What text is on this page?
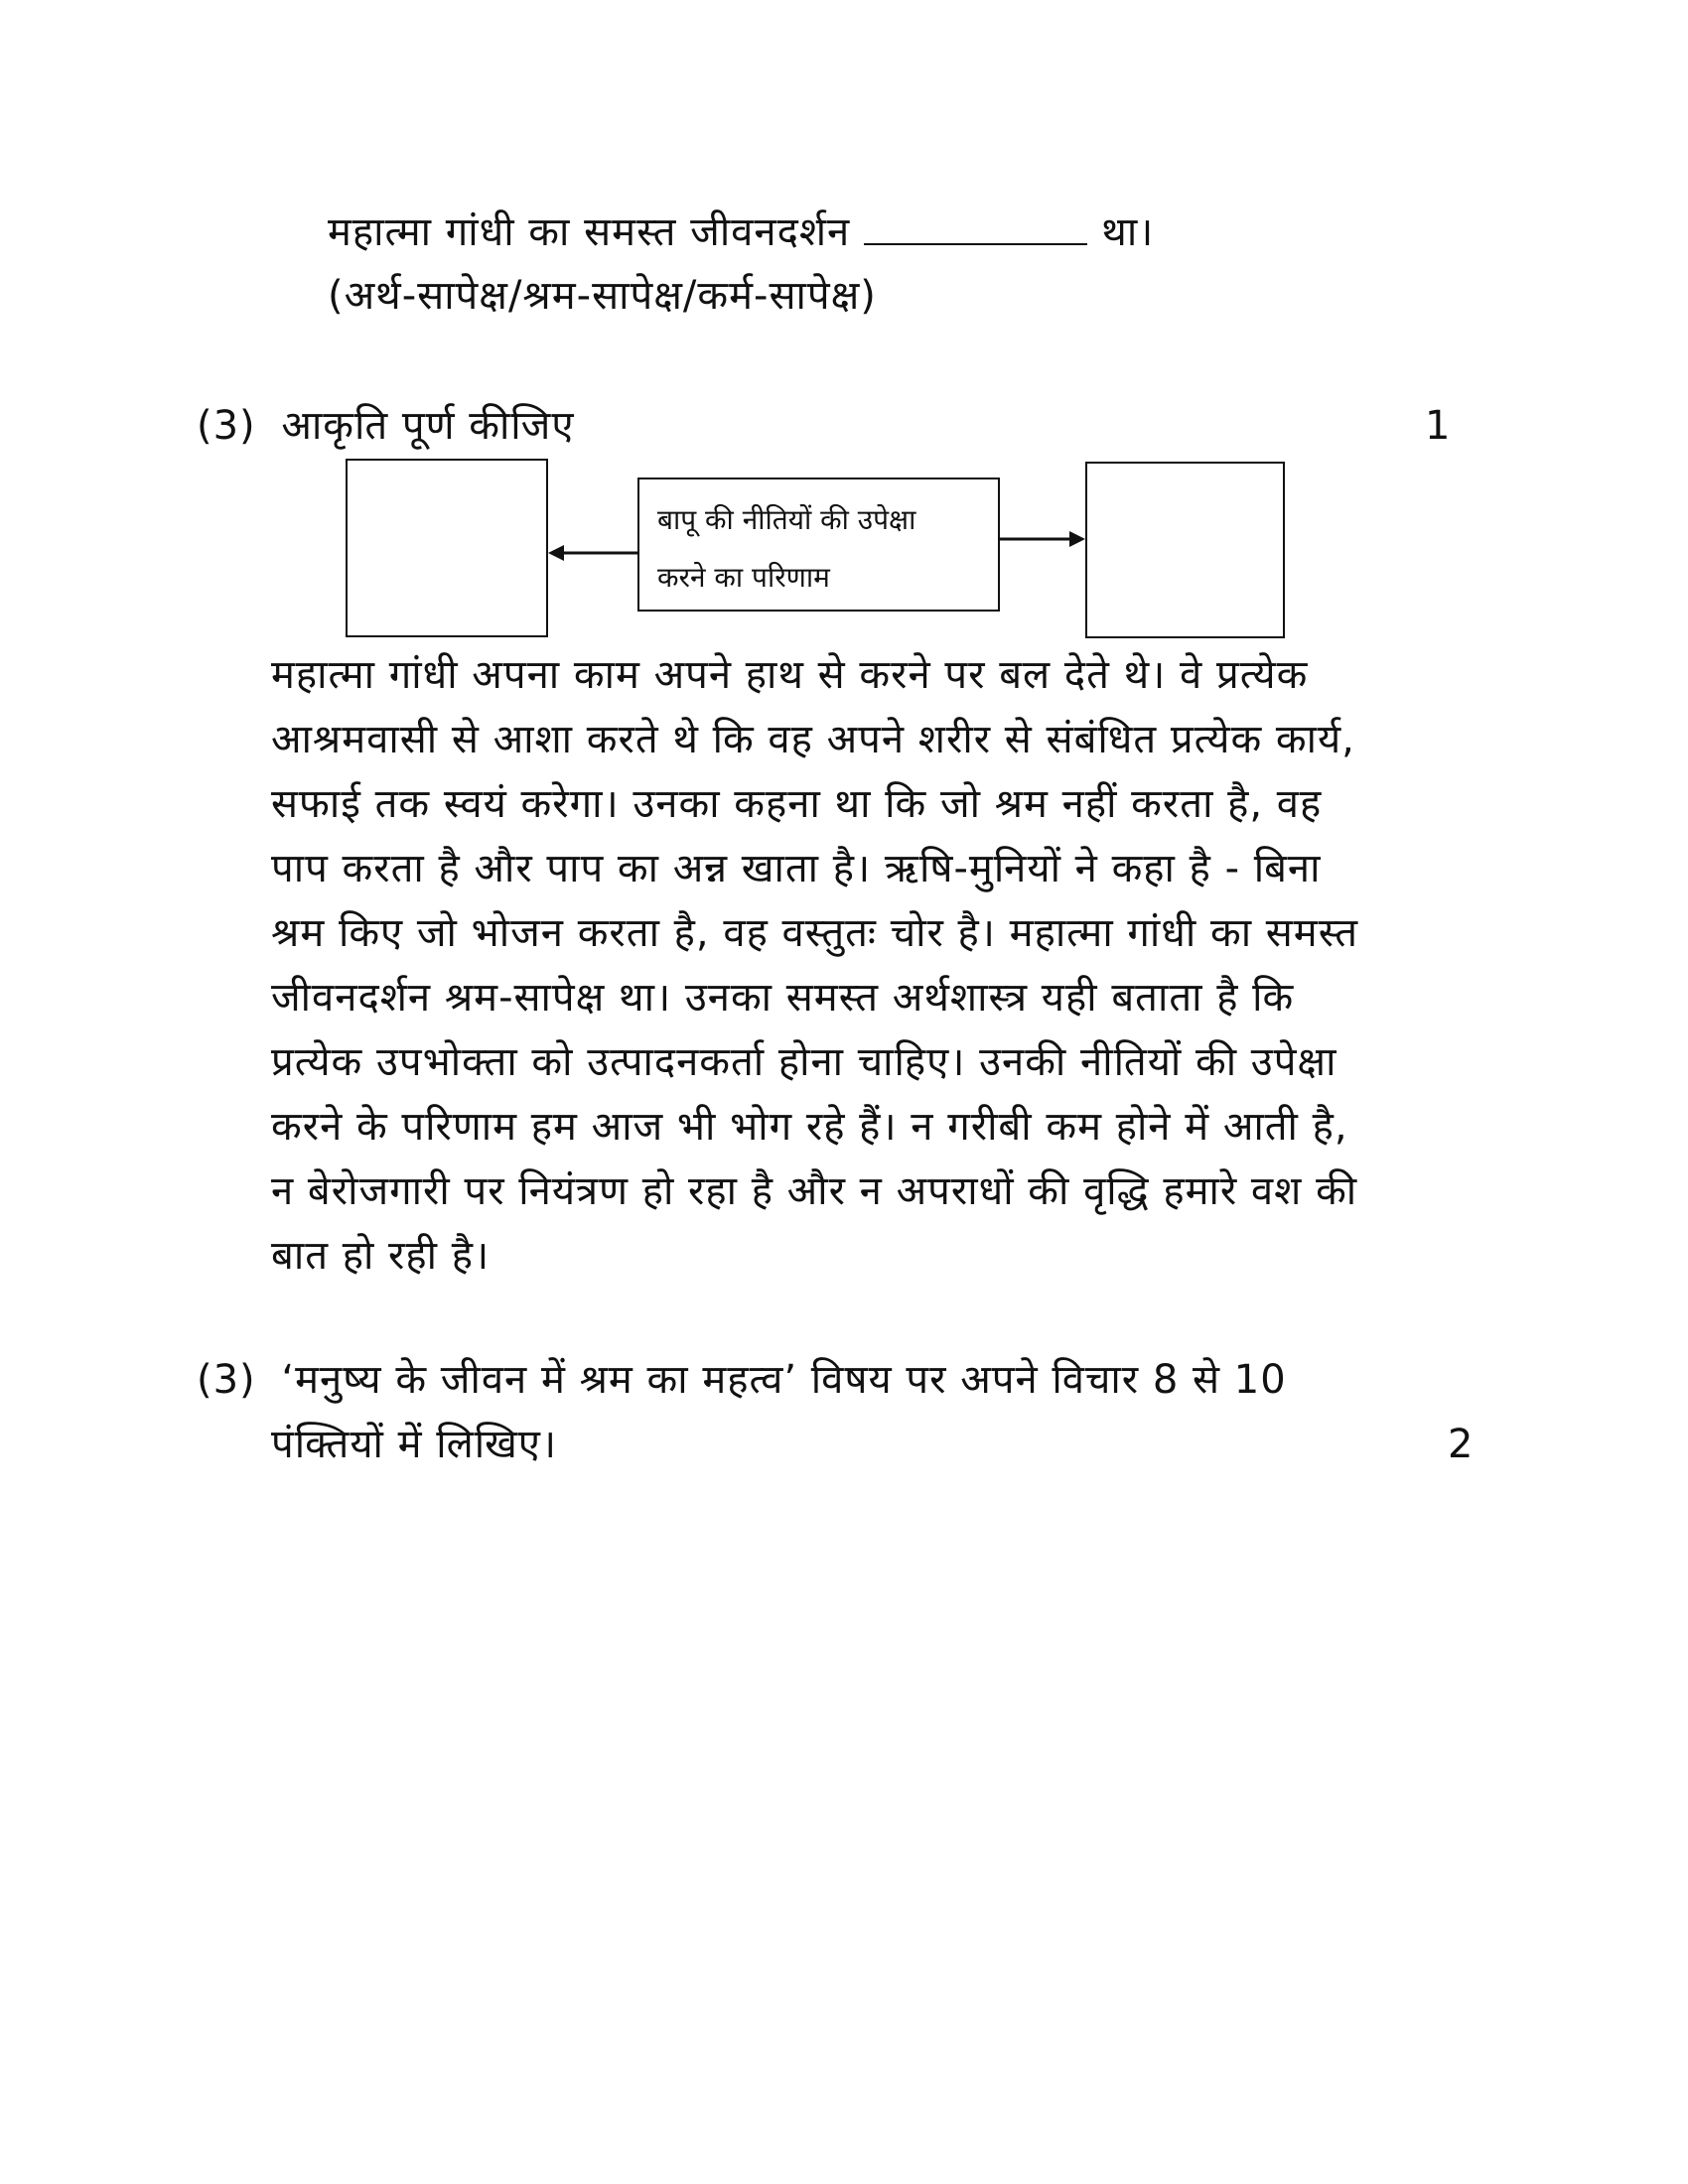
महात्मा गांधी का समस्त जीवनदर्शन	था।
(अर्थ-सापेक्ष/श्रम-सापेक्ष/कर्म-सापेक्ष)
(3) आकृति पूर्ण कीजिए	1
बापू की नीतियों की उपेक्षा
करने का परिणाम
महात्मा गांधी अपना काम अपने हाथ से करने पर बल देते थे। वे प्रत्येक
आश्रमवासी से आशा करते थे कि वह अपने शरीर से संबंधित प्रत्येक कार्य,
सफाई तक स्वयं करेगा। उनका कहना था कि जो श्रम नहीं करता है, वह
पाप करता है और पाप का अन्न खाता है। ऋषि-मुनियों ने कहा है - बिना
श्रम किए जो भोजन करता है, वह वस्तुतः चोर है। महात्मा गांधी का समस्त
जीवनदर्शन श्रम-सापेक्ष था। उनका समस्त अर्थशास्त्र यही बताता है कि
प्रत्येक उपभोक्ता को उत्पादनकर्ता होना चाहिए। उनकी नीतियों की उपेक्षा
करने के परिणाम हम आज भी भोग रहे हैं। न गरीबी कम होने में आती है,
न बेरोजगारी पर नियंत्रण हो रहा है और न अपराधों की वृद्धि हमारे वश की
बात हो रही है।
(3) ‘मनुष्य के जीवन में श्रम का महत्व’ विषय पर अपने विचार 8 से 10
पंक्तियों में लिखिए।	2
